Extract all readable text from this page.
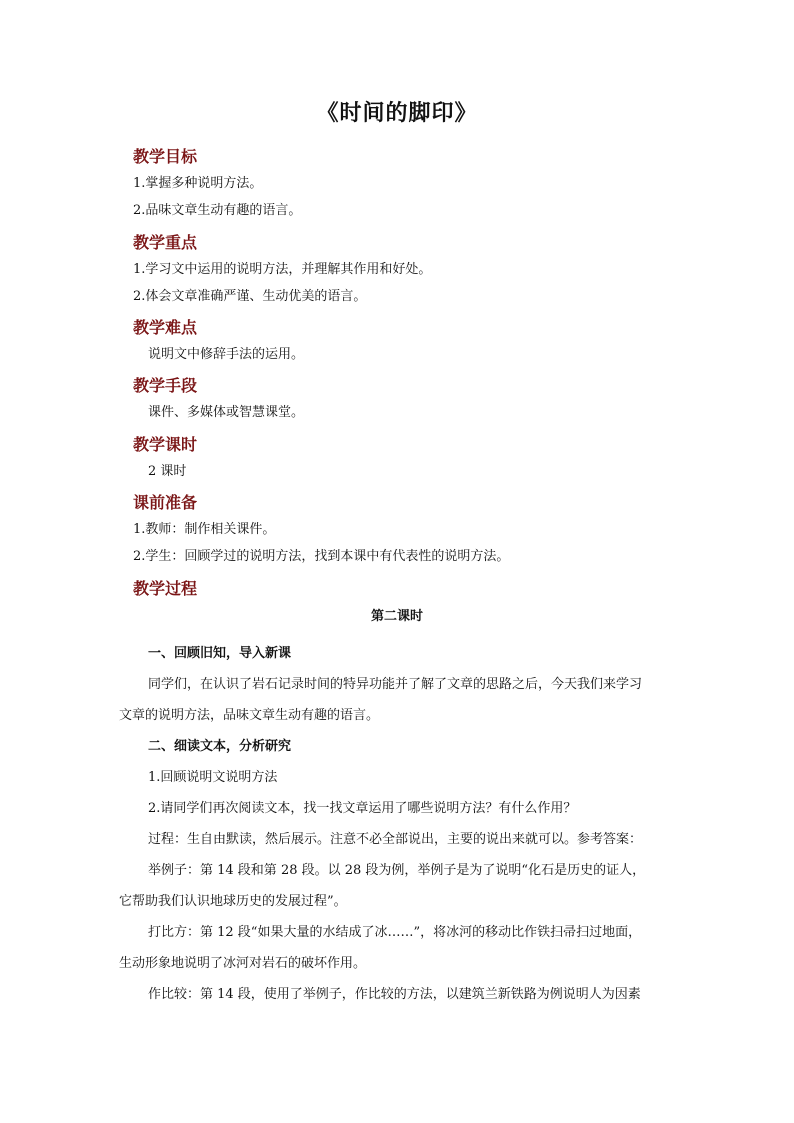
《时间的脚印》
教学目标
1.掌握多种说明方法。
2.品味文章生动有趣的语言。
教学重点
1.学习文中运用的说明方法，并理解其作用和好处。
2.体会文章准确严谨、生动优美的语言。
教学难点
说明文中修辞手法的运用。
教学手段
课件、多媒体或智慧课堂。
教学课时
2 课时
课前准备
1.教师：制作相关课件。
2.学生：回顾学过的说明方法，找到本课中有代表性的说明方法。
教学过程
第二课时
一、回顾旧知，导入新课
同学们，在认识了岩石记录时间的特异功能并了解了文章的思路之后，今天我们来学习
文章的说明方法，品味文章生动有趣的语言。
二、细读文本，分析研究
1.回顾说明文说明方法
2.请同学们再次阅读文本，找一找文章运用了哪些说明方法？有什么作用？
过程：生自由默读，然后展示。注意不必全部说出，主要的说出来就可以。参考答案：
举例子：第 14 段和第 28 段。以 28 段为例，举例子是为了说明“化石是历史的证人，
它帮助我们认识地球历史的发展过程”。
打比方：第 12 段“如果大量的水结成了冰……”，将冰河的移动比作铁扫帚扫过地面，
生动形象地说明了冰河对岩石的破坏作用。
作比较：第 14 段，使用了举例子，作比较的方法，以建筑兰新铁路为例说明人为因素
